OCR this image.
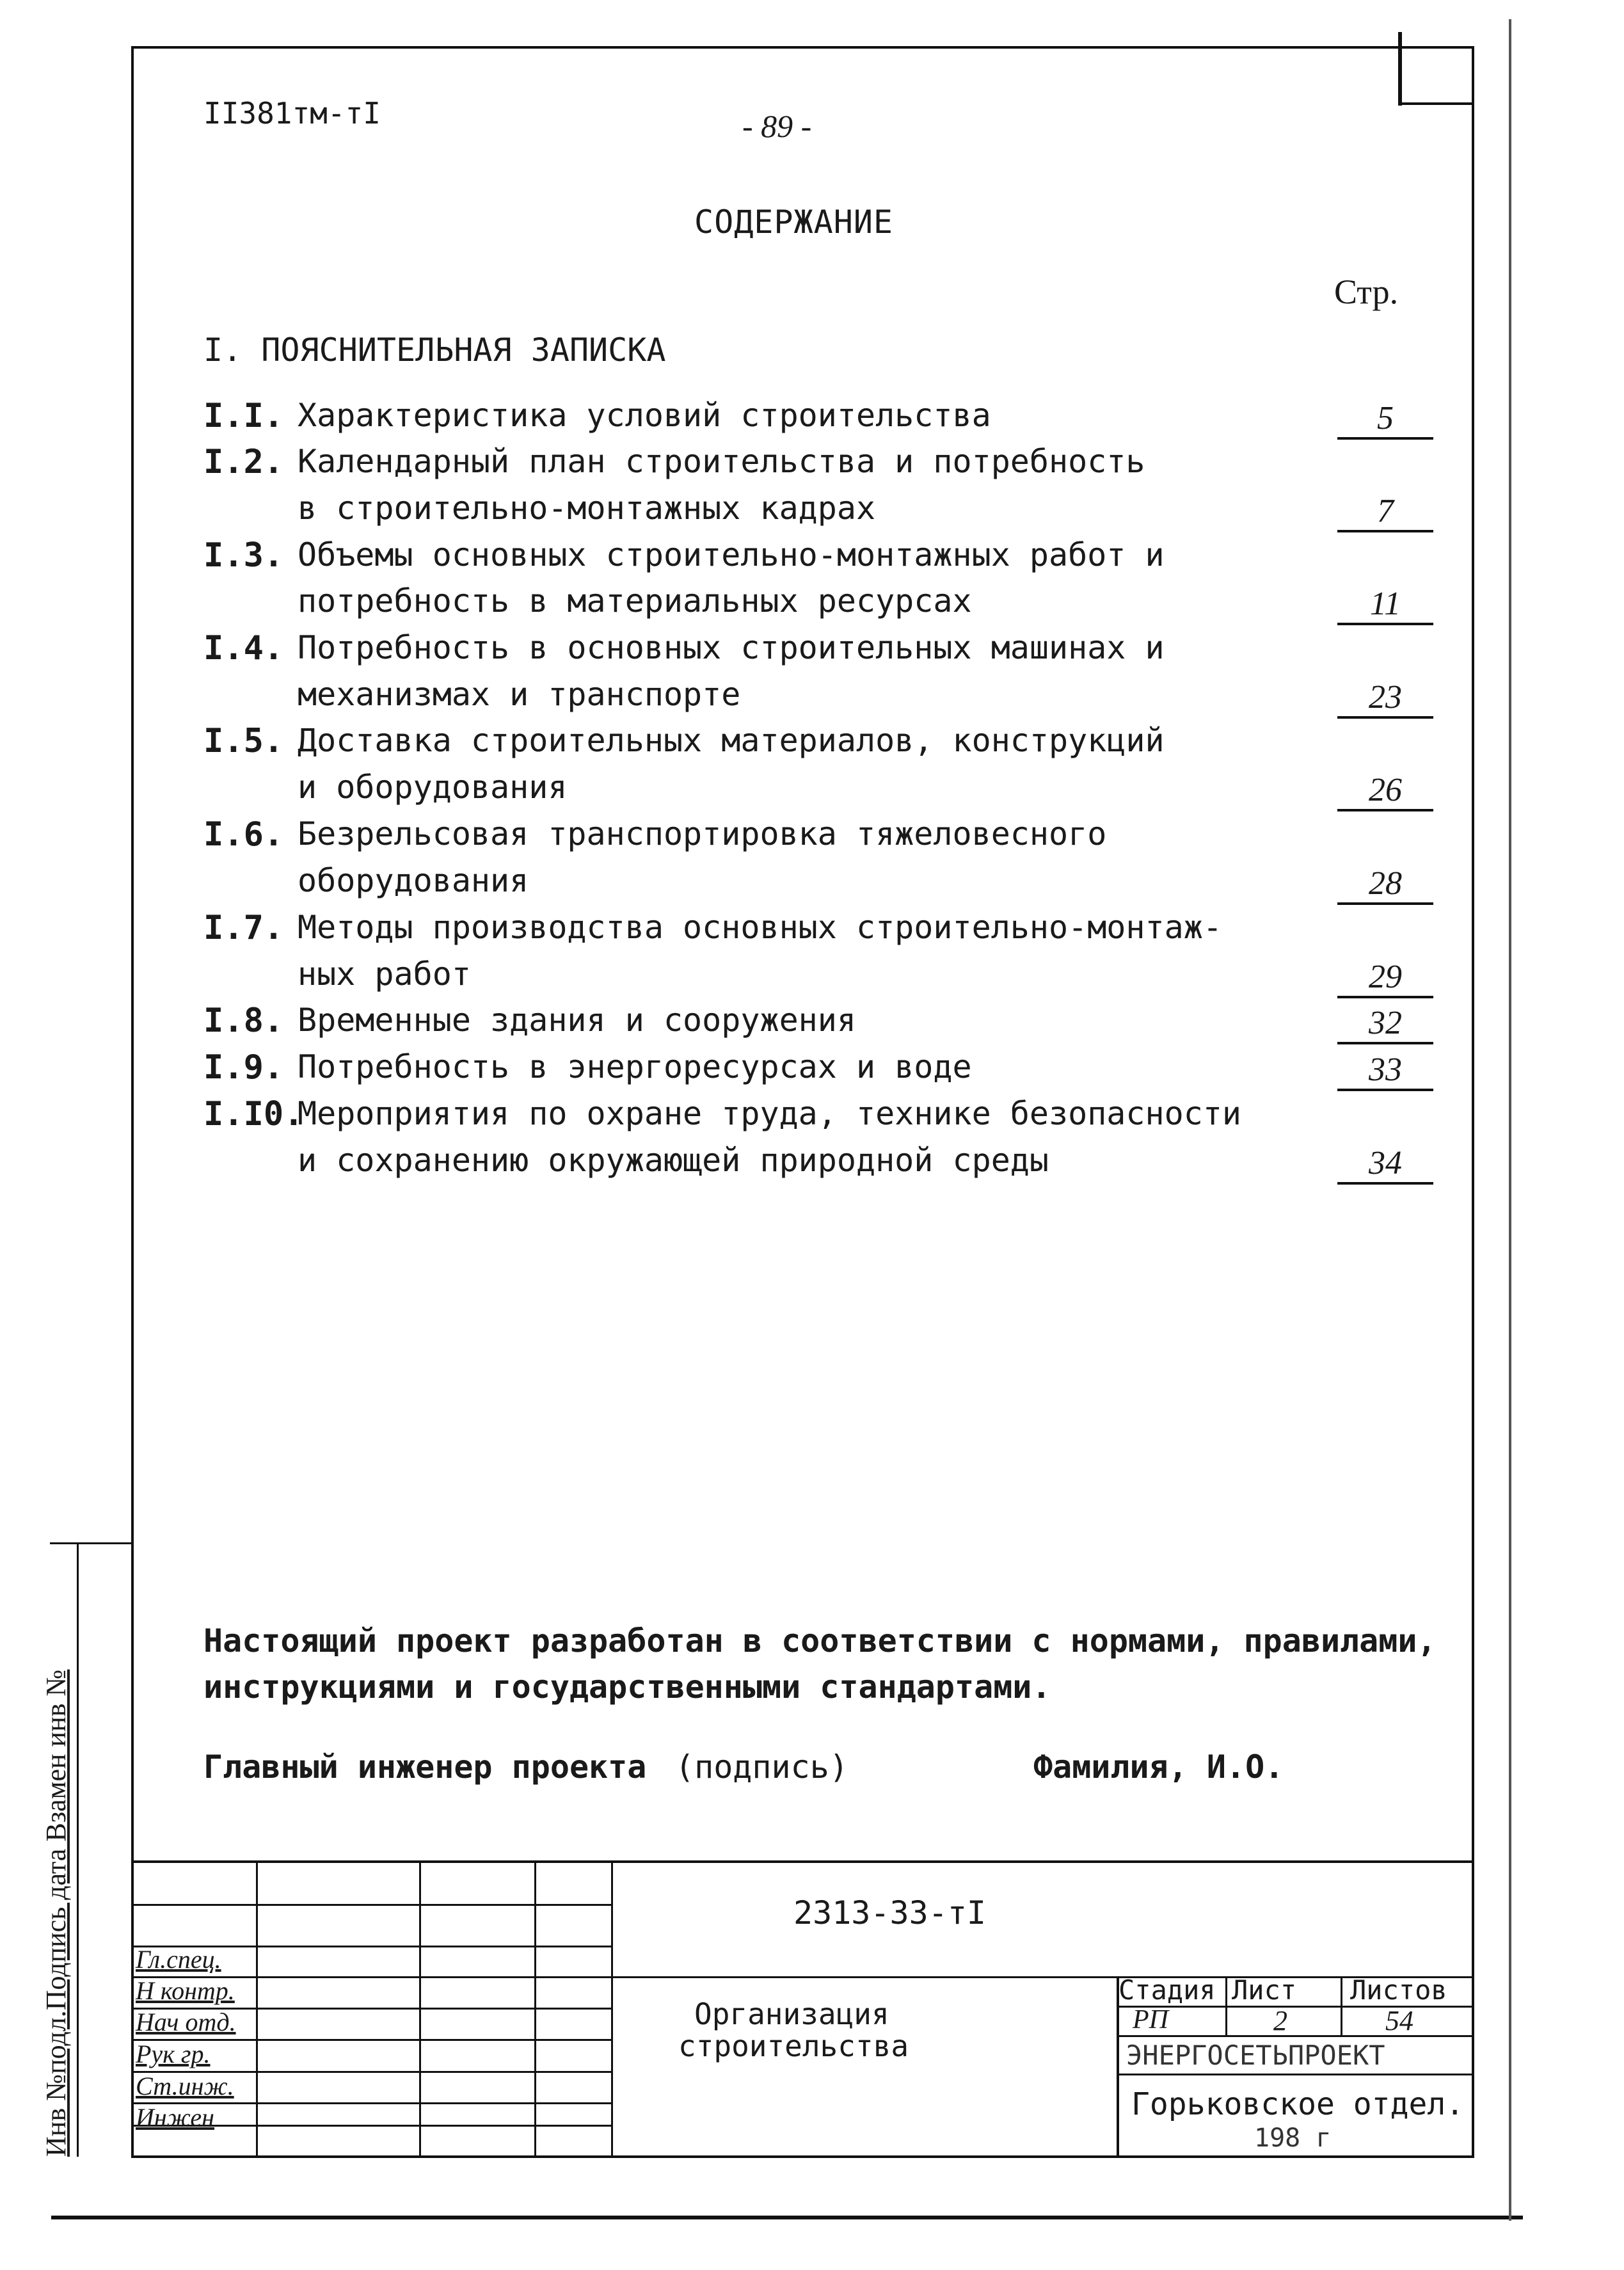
II381тм-тI	- 89 -
СОДЕРЖАНИЕ
Стр.
I. ПОЯСНИТЕЛЬНАЯ ЗАПИСКА
I.I. Характеристика условий строительства	5
I.2. Календарный план строительства и потребность
в строительно-монтажных кадрах	7
I.3. Объемы основных строительно-монтажных работ и
потребность в материальных ресурсах	11
I.4. Потребность в основных строительных машинах и
механизмах и транспорте	23
I.5. Доставка строительных материалов, конструкций
и оборудования	26
I.6. Безрельсовая транспортировка тяжеловесного
оборудования	28
I.7. Методы производства основных строительно-монтаж-
ных работ	29
I.8. Временные здания и сооружения	32
I.9. Потребность в энергоресурсах и воде	33
I.I0.
Мероприятия по охране труда, технике безопасности
и сохранению окружающей природной среды	34
Настоящий проект разработан в соответствии с нормами, правилами,
инструкциями и государственными стандартами.
Главный инженер проекта (подпись)	Фамилия, И.О.
Инв №подл.Подпись дата Взамен инв №	Гл.спец.
Н контр.
Нач отд.
Рук гр.
Ст.инж.
Инжен
2313-33-тI
Организация
строительства
Стадия Лист Листов
РП	2	54
ЭНЕРГОСЕТЬПРОЕКТ
Горьковское отдел.
198 г
